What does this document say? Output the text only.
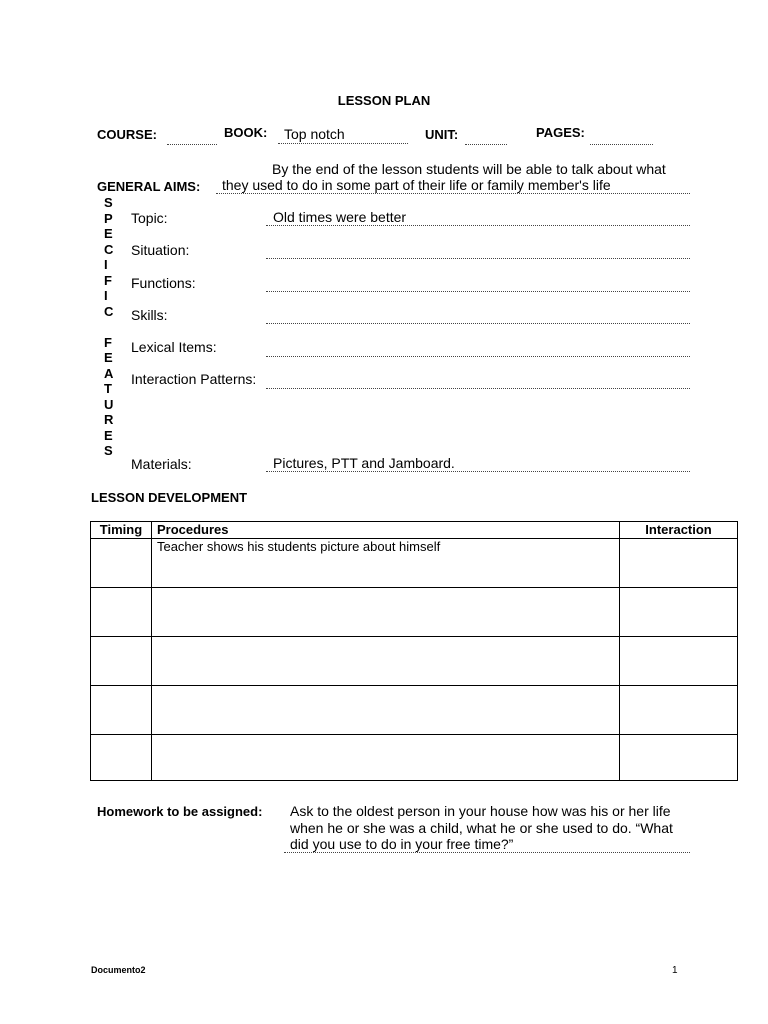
LESSON PLAN
COURSE:	BOOK:	Top notch	UNIT:	PAGES:
By the end of the lesson students will be able to talk about what
GENERAL AIMS:	they used to do in some part of their life or family member's life
S
P
E
C
I
F
I
C
F
E
A
T
U
R
E
S
Topic:	Old times were better
Situation:
Functions:
Skills:
Lexical Items:
Interaction Patterns:
Materials:	Pictures, PTT and Jamboard.
LESSON DEVELOPMENT
Timing	Procedures	Interaction
	Teacher shows his students picture about himself	

Homework to be assigned: Ask to the oldest person in your house how was his or her life
when he or she was a child, what he or she used to do. “What
did you use to do in your free time?”
Documento2	1
